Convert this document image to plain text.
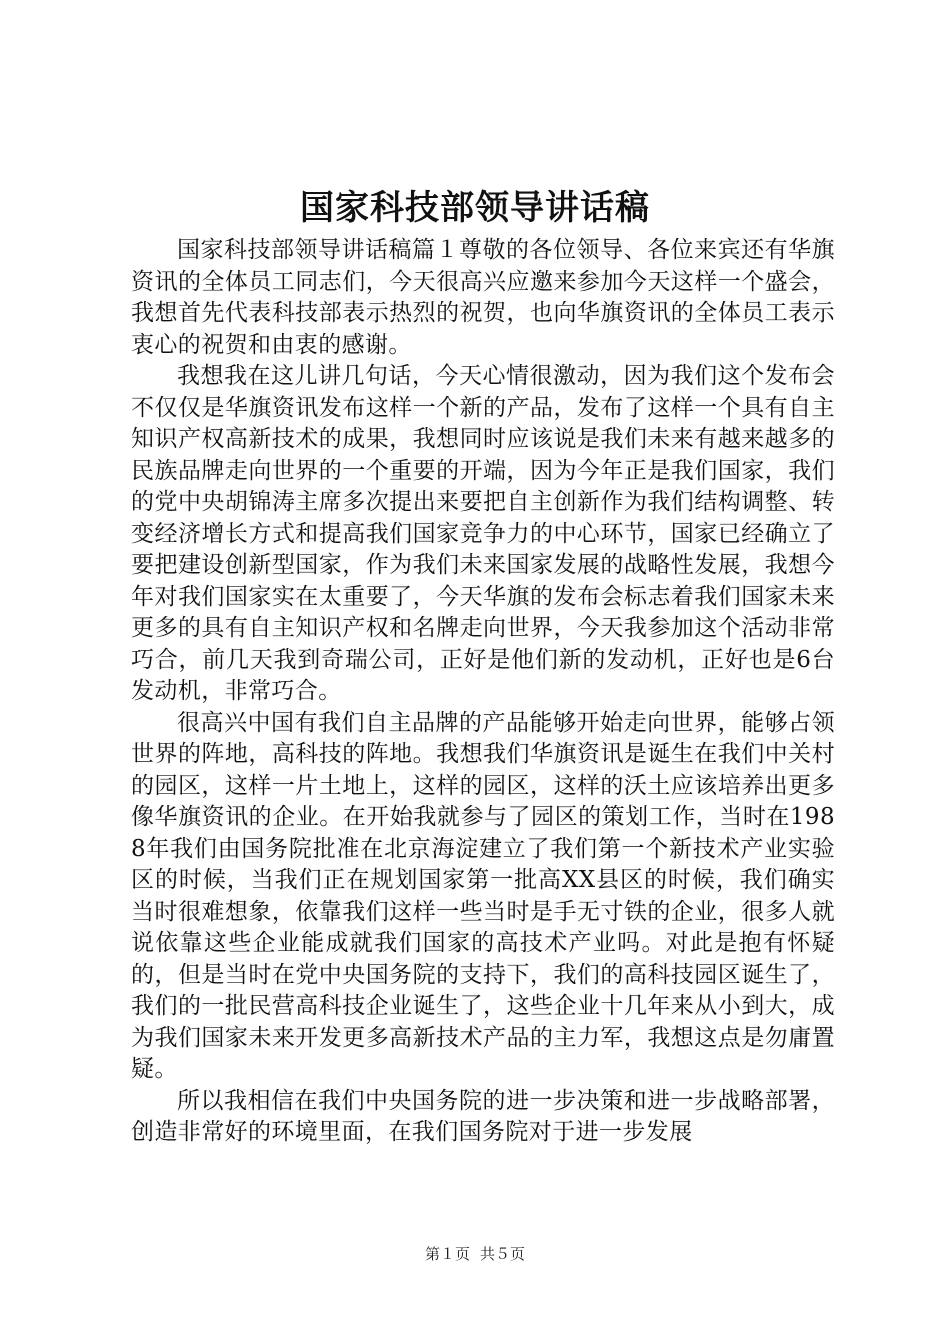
国家科技部领导讲话稿

国家科技部领导讲话稿篇１尊敬的各位领导、各位来宾还有华旗资讯的全体员工同志们，今天很高兴应邀来参加今天这样一个盛会，我想首先代表科技部表示热烈的祝贺，也向华旗资讯的全体员工表示衷心的祝贺和由衷的感谢。

我想我在这儿讲几句话，今天心情很激动，因为我们这个发布会不仅仅是华旗资讯发布这样一个新的产品，发布了这样一个具有自主知识产权高新技术的成果，我想同时应该说是我们未来有越来越多的民族品牌走向世界的一个重要的开端，因为今年正是我们国家，我们的党中央胡锦涛主席多次提出来要把自主创新作为我们结构调整、转变经济增长方式和提高我们国家竞争力的中心环节，国家已经确立了要把建设创新型国家，作为我们未来国家发展的战略性发展，我想今年对我们国家实在太重要了，今天华旗的发布会标志着我们国家未来更多的具有自主知识产权和名牌走向世界，今天我参加这个活动非常巧合，前几天我到奇瑞公司，正好是他们新的发动机，正好也是6台发动机，非常巧合。

很高兴中国有我们自主品牌的产品能够开始走向世界，能够占领世界的阵地，高科技的阵地。我想我们华旗资讯是诞生在我们中关村的园区，这样一片土地上，这样的园区，这样的沃土应该培养出更多像华旗资讯的企业。在开始我就参与了园区的策划工作，当时在1988年我们由国务院批准在北京海淀建立了我们第一个新技术产业实验区的时候，当我们正在规划国家第一批高XX县区的时候，我们确实当时很难想象，依靠我们这样一些当时是手无寸铁的企业，很多人就说依靠这些企业能成就我们国家的高技术产业吗。对此是抱有怀疑的，但是当时在党中央国务院的支持下，我们的高科技园区诞生了，我们的一批民营高科技企业诞生了，这些企业十几年来从小到大，成为我们国家未来开发更多高新技术产品的主力军，我想这点是勿庸置疑。

所以我相信在我们中央国务院的进一步决策和进一步战略部署，创造非常好的环境里面，在我们国务院对于进一步发展

第１页 共５页
